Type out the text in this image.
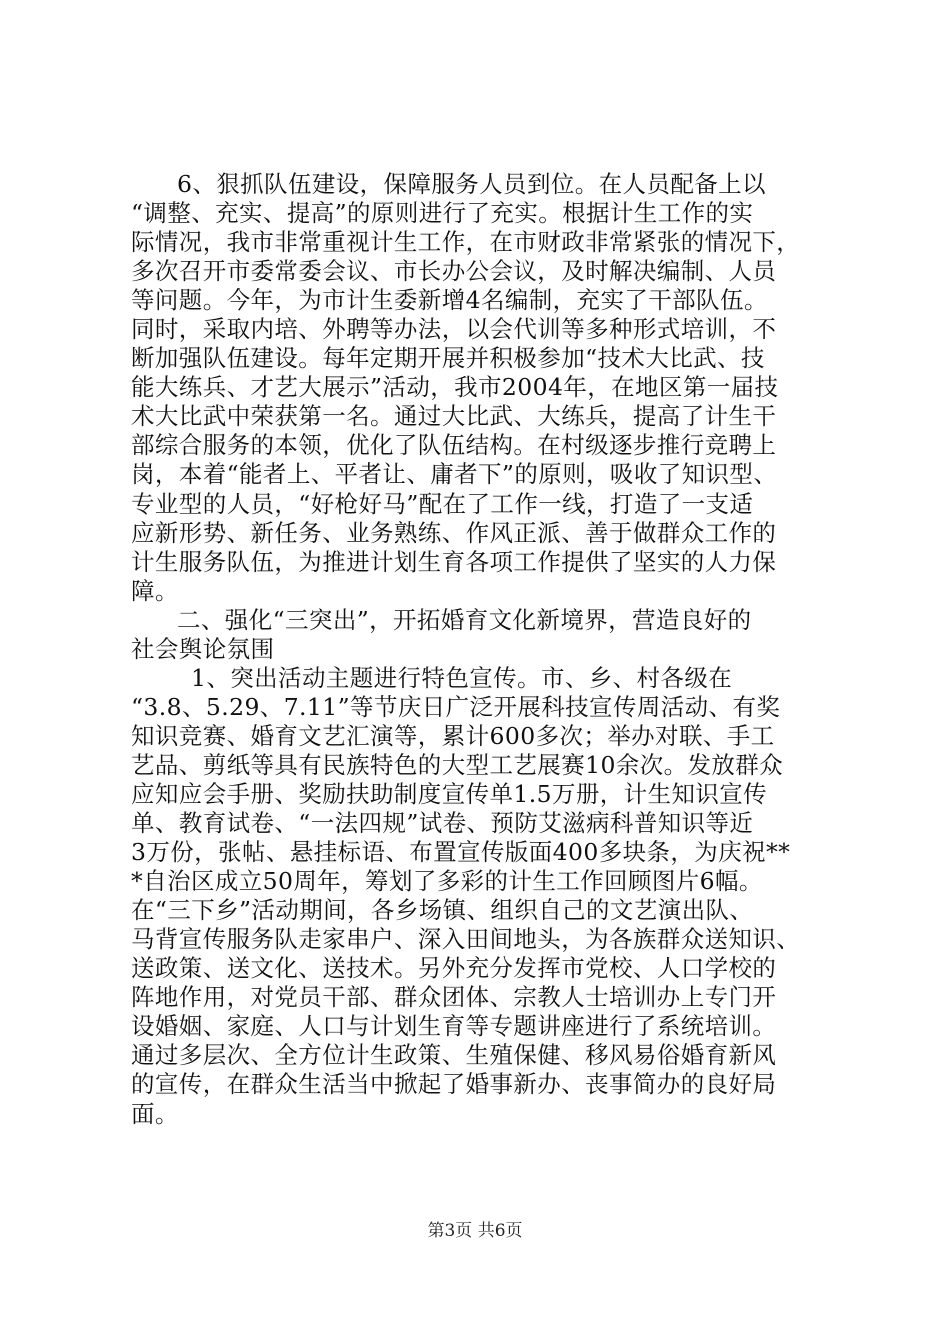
6、狠抓队伍建设，保障服务人员到位。在人员配备上以
“调整、充实、提高”的原则进行了充实。根据计生工作的实
际情况，我市非常重视计生工作，在市财政非常紧张的情况下，
多次召开市委常委会议、市长办公会议，及时解决编制、人员
等问题。今年，为市计生委新增4名编制，充实了干部队伍。
同时，采取内培、外聘等办法，以会代训等多种形式培训，不
断加强队伍建设。每年定期开展并积极参加“技术大比武、技
能大练兵、才艺大展示”活动，我市2004年，在地区第一届技
术大比武中荣获第一名。通过大比武、大练兵，提高了计生干
部综合服务的本领，优化了队伍结构。在村级逐步推行竞聘上
岗，本着“能者上、平者让、庸者下”的原则，吸收了知识型、
专业型的人员，“好枪好马”配在了工作一线，打造了一支适
应新形势、新任务、业务熟练、作风正派、善于做群众工作的
计生服务队伍，为推进计划生育各项工作提供了坚实的人力保
障。
二、强化“三突出”，开拓婚育文化新境界，营造良好的
社会舆论氛围
1、突出活动主题进行特色宣传。市、乡、村各级在
“3.8、5.29、7.11”等节庆日广泛开展科技宣传周活动、有奖
知识竞赛、婚育文艺汇演等，累计600多次；举办对联、手工
艺品、剪纸等具有民族特色的大型工艺展赛10余次。发放群众
应知应会手册、奖励扶助制度宣传单1.5万册，计生知识宣传
单、教育试卷、“一法四规”试卷、预防艾滋病科普知识等近
3万份，张帖、悬挂标语、布置宣传版面400多块条，为庆祝**
*自治区成立50周年，筹划了多彩的计生工作回顾图片6幅。
在“三下乡”活动期间，各乡场镇、组织自己的文艺演出队、
马背宣传服务队走家串户、深入田间地头，为各族群众送知识、
送政策、送文化、送技术。另外充分发挥市党校、人口学校的
阵地作用，对党员干部、群众团体、宗教人士培训办上专门开
设婚姻、家庭、人口与计划生育等专题讲座进行了系统培训。
通过多层次、全方位计生政策、生殖保健、移风易俗婚育新风
的宣传，在群众生活当中掀起了婚事新办、丧事简办的良好局
面。
第3页 共6页
